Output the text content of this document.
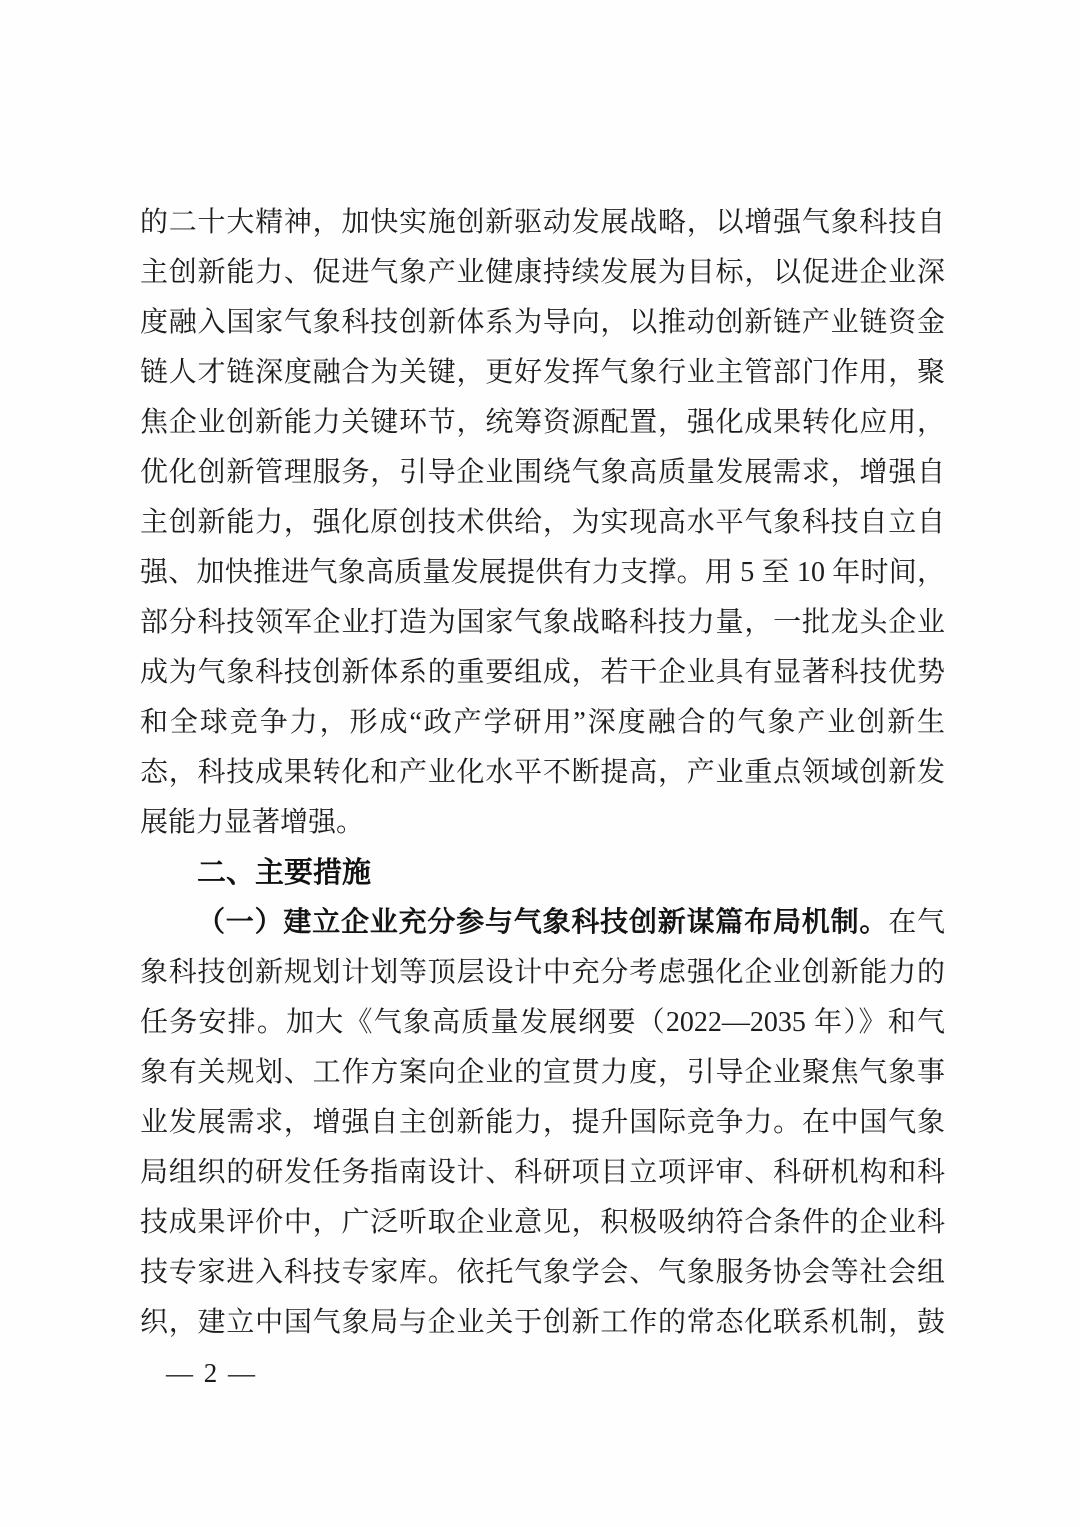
的二十大精神，加快实施创新驱动发展战略，以增强气象科技自
主创新能力、促进气象产业健康持续发展为目标，以促进企业深
度融入国家气象科技创新体系为导向，以推动创新链产业链资金
链人才链深度融合为关键，更好发挥气象行业主管部门作用，聚
焦企业创新能力关键环节，统筹资源配置，强化成果转化应用，
优化创新管理服务，引导企业围绕气象高质量发展需求，增强自
主创新能力，强化原创技术供给，为实现高水平气象科技自立自
强、加快推进气象高质量发展提供有力支撑。用 5 至 10 年时间，
部分科技领军企业打造为国家气象战略科技力量，一批龙头企业
成为气象科技创新体系的重要组成，若干企业具有显著科技优势
和全球竞争力，形成“政产学研用”深度融合的气象产业创新生
态，科技成果转化和产业化水平不断提高，产业重点领域创新发
展能力显著增强。
二、主要措施
（一）建立企业充分参与气象科技创新谋篇布局机制。在气
象科技创新规划计划等顶层设计中充分考虑强化企业创新能力的
任务安排。加大《气象高质量发展纲要（2022—2035 年）》和气
象有关规划、工作方案向企业的宣贯力度，引导企业聚焦气象事
业发展需求，增强自主创新能力，提升国际竞争力。在中国气象
局组织的研发任务指南设计、科研项目立项评审、科研机构和科
技成果评价中，广泛听取企业意见，积极吸纳符合条件的企业科
技专家进入科技专家库。依托气象学会、气象服务协会等社会组
织，建立中国气象局与企业关于创新工作的常态化联系机制，鼓
— 2 —
